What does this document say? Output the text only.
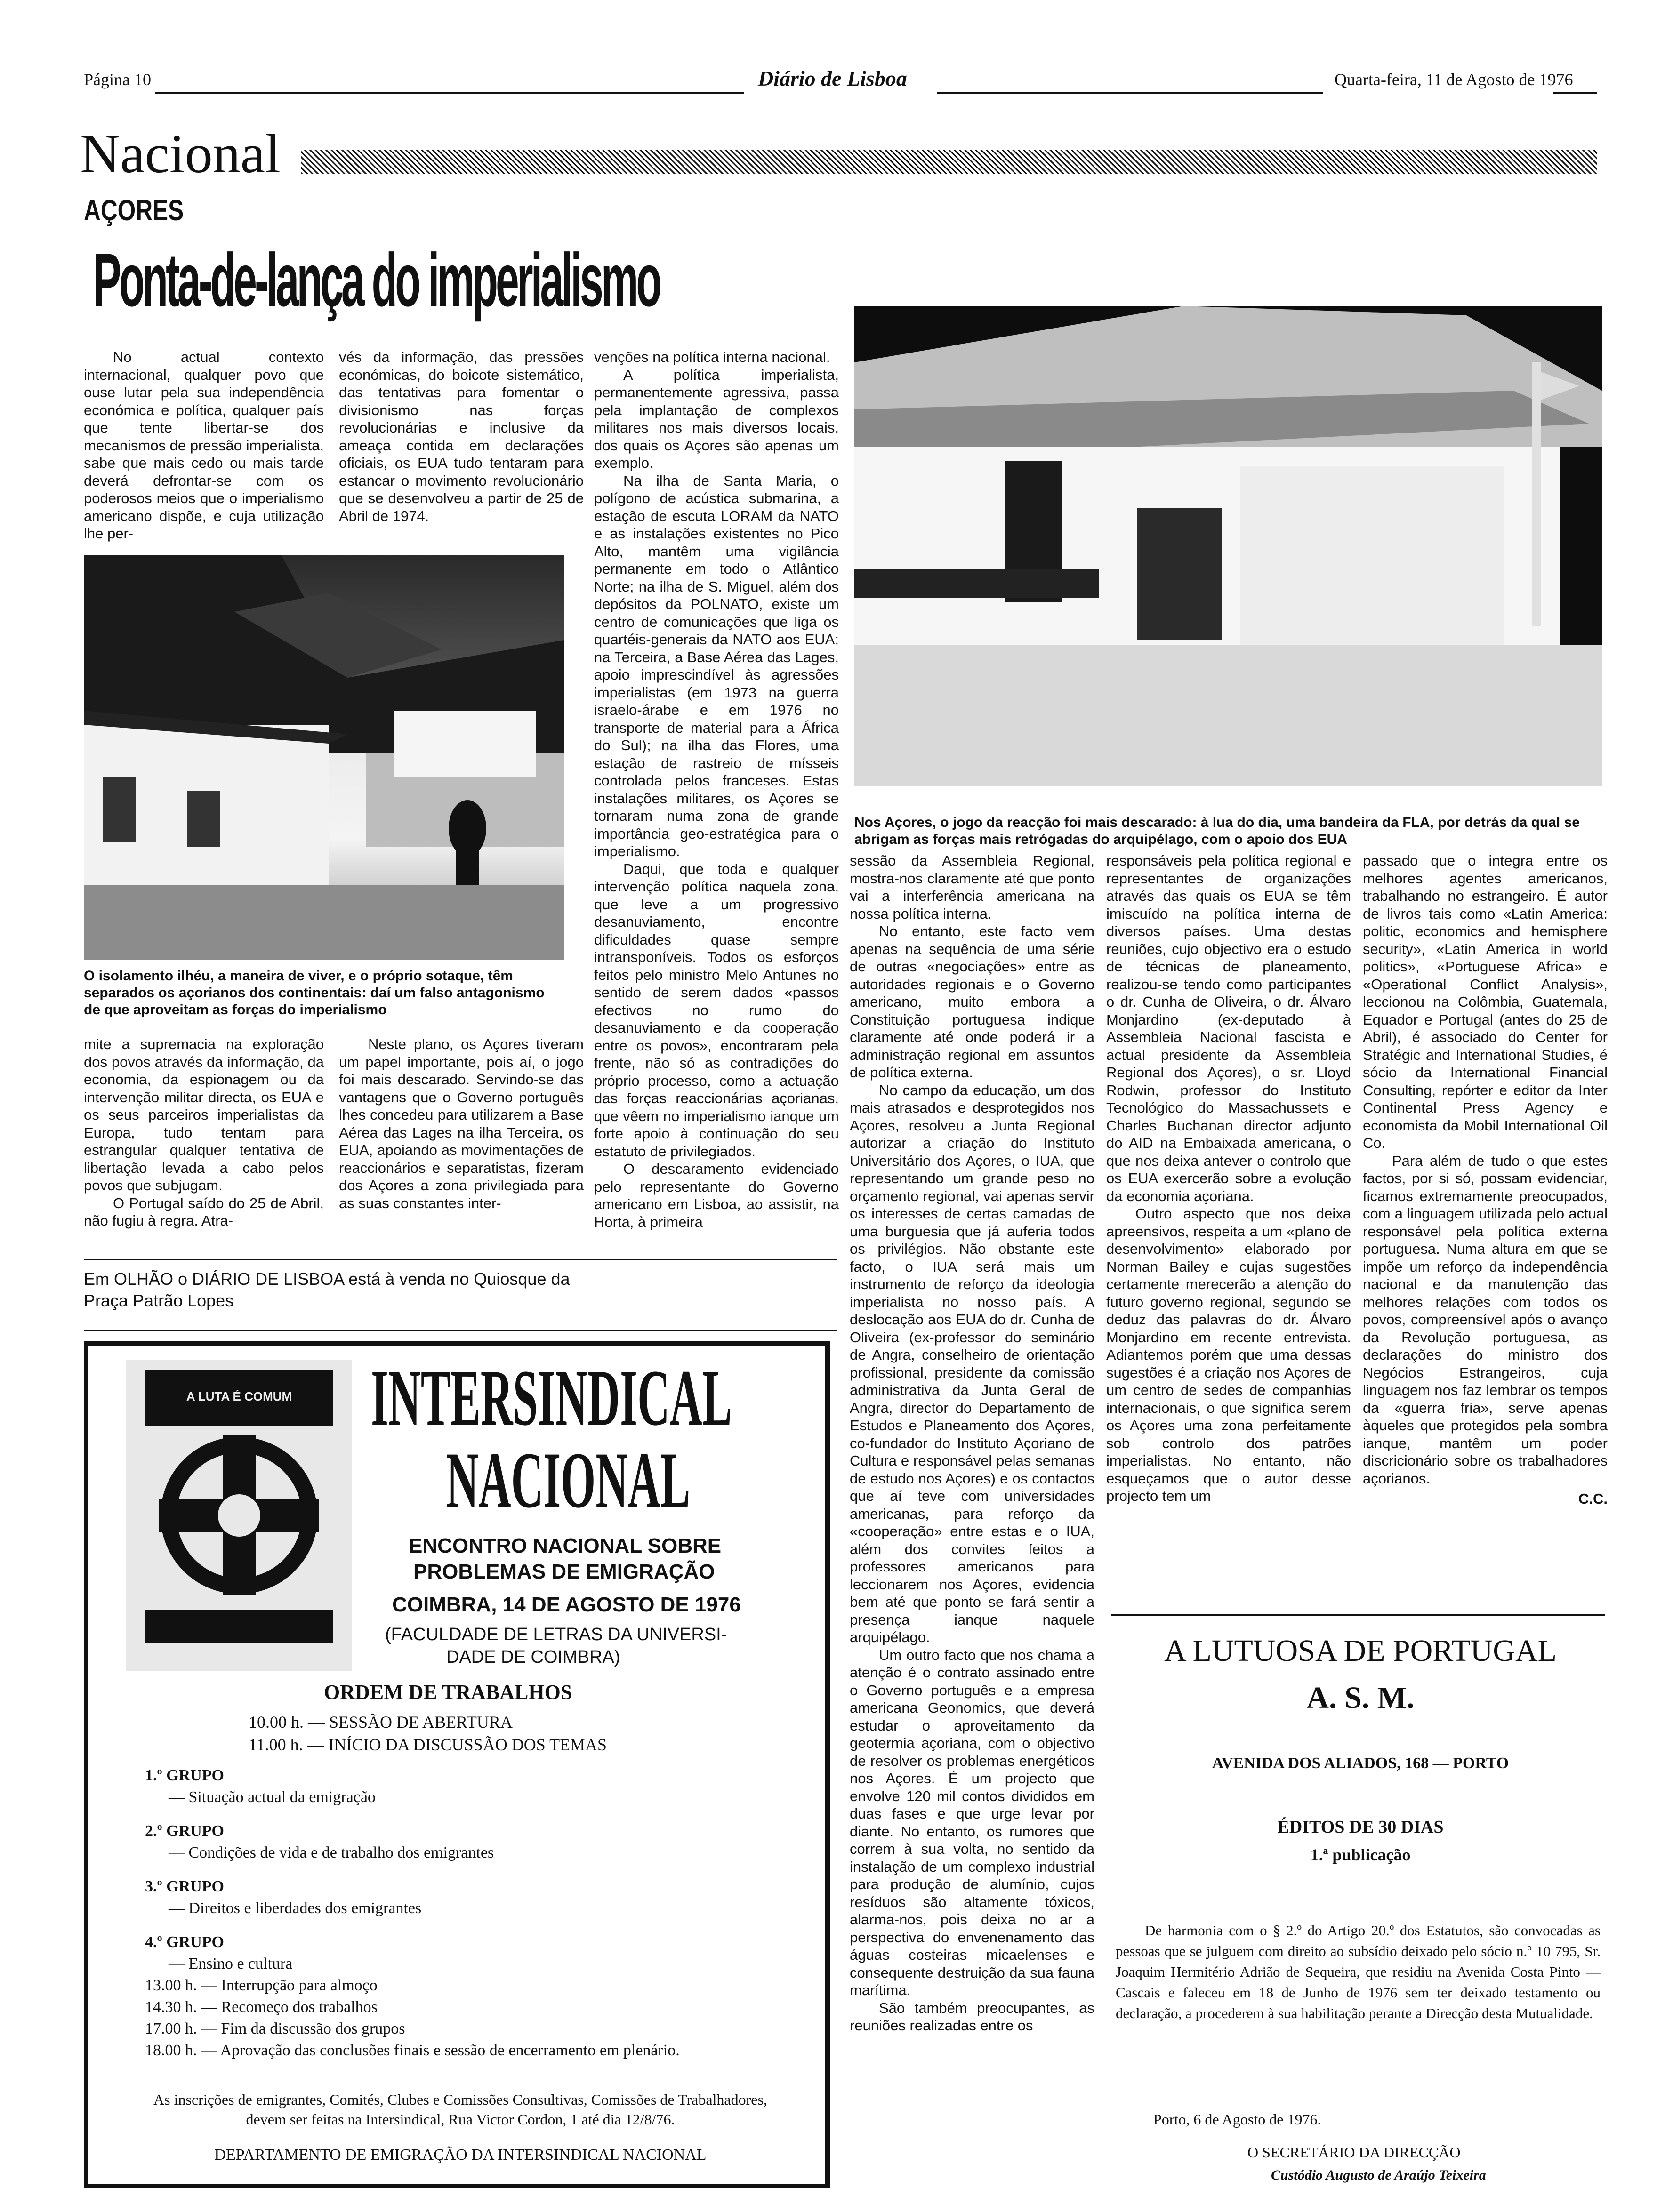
Página 10	Diário de Lisboa	Quarta-feira, 11 de Agosto de 1976
Nacional
AÇORES
Ponta-de-lança do imperialismo

No actual contexto internacional, qualquer povo que ouse lutar pela sua independência económica e política, qualquer país que tente libertar-se dos mecanismos de pressão imperialista, sabe que mais cedo ou mais tarde deverá defrontar-se com os poderosos meios que o imperialismo americano dispõe, e cuja utilização lhe per-

vés da informação, das pressões económicas, do boicote sistemático, das tentativas para fomentar o divisionismo nas forças revolucionárias e inclusive da ameaça contida em declarações oficiais, os EUA tudo tentaram para estancar o movimento revolucionário que se desenvolveu a partir de 25 de Abril de 1974.

O isolamento ilhéu, a maneira de viver, e o próprio sotaque, têm separados os açorianos dos continentais: daí um falso antagonismo de que aproveitam as forças do imperialismo

mite a supremacia na exploração dos povos através da informação, da economia, da espionagem ou da intervenção militar directa, os EUA e os seus parceiros imperialistas da Europa, tudo tentam para estrangular qualquer tentativa de libertação levada a cabo pelos povos que subjugam.

O Portugal saído do 25 de Abril, não fugiu à regra. Atra-

Neste plano, os Açores tiveram um papel importante, pois aí, o jogo foi mais descarado. Servindo-se das vantagens que o Governo português lhes concedeu para utilizarem a Base Aérea das Lages na ilha Terceira, os EUA, apoiando as movimentações de reaccionários e separatistas, fizeram dos Açores a zona privilegiada para as suas constantes inter-

venções na política interna nacional.

A política imperialista, permanentemente agressiva, passa pela implantação de complexos militares nos mais diversos locais, dos quais os Açores são apenas um exemplo.

Na ilha de Santa Maria, o polígono de acústica submarina, a estação de escuta LORAM da NATO e as instalações existentes no Pico Alto, mantêm uma vigilância permanente em todo o Atlântico Norte; na ilha de S. Miguel, além dos depósitos da POLNATO, existe um centro de comunicações que liga os quartéis-generais da NATO aos EUA; na Terceira, a Base Aérea das Lages, apoio imprescindível às agressões imperialistas (em 1973 na guerra israelo-árabe e em 1976 no transporte de material para a África do Sul); na ilha das Flores, uma estação de rastreio de mísseis controlada pelos franceses. Estas instalações militares, os Açores se tornaram numa zona de grande importância geo-estratégica para o imperialismo.

Daqui, que toda e qualquer intervenção política naquela zona, que leve a um progressivo desanuviamento, encontre dificuldades quase sempre intransponíveis. Todos os esforços feitos pelo ministro Melo Antunes no sentido de serem dados «passos efectivos no rumo do desanuviamento e da cooperação entre os povos», encontraram pela frente, não só as contradições do próprio processo, como a actuação das forças reaccionárias açorianas, que vêem no imperialismo ianque um forte apoio à continuação do seu estatuto de privilegiados.

O descaramento evidenciado pelo representante do Governo americano em Lisboa, ao assistir, na Horta, à primeira

Nos Açores, o jogo da reacção foi mais descarado: à lua do dia, uma bandeira da FLA, por detrás da qual se abrigam as forças mais retrógadas do arquipélago, com o apoio dos EUA
Em OLHÃO o DIÁRIO DE LISBOA está à venda no Quiosque da Praça Patrão Lopes

sessão da Assembleia Regional, mostra-nos claramente até que ponto vai a interferência americana na nossa política interna.

No entanto, este facto vem apenas na sequência de uma série de outras «negociações» entre as autoridades regionais e o Governo americano, muito embora a Constituição portuguesa indique claramente até onde poderá ir a administração regional em assuntos de política externa.

No campo da educação, um dos mais atrasados e desprotegidos nos Açores, resolveu a Junta Regional autorizar a criação do Instituto Universitário dos Açores, o IUA, que representando um grande peso no orçamento regional, vai apenas servir os interesses de certas camadas de uma burguesia que já auferia todos os privilégios. Não obstante este facto, o IUA será mais um instrumento de reforço da ideologia imperialista no nosso país. A deslocação aos EUA do dr. Cunha de Oliveira (ex-professor do seminário de Angra, conselheiro de orientação profissional, presidente da comissão administrativa da Junta Geral de Angra, director do Departamento de Estudos e Planeamento dos Açores, co-fundador do Instituto Açoriano de Cultura e responsável pelas semanas de estudo nos Açores) e os contactos que aí teve com universidades americanas, para reforço da «cooperação» entre estas e o IUA, além dos convites feitos a professores americanos para leccionarem nos Açores, evidencia bem até que ponto se fará sentir a presença ianque naquele arquipélago.

Um outro facto que nos chama a atenção é o contrato assinado entre o Governo português e a empresa americana Geonomics, que deverá estudar o aproveitamento da geotermia açoriana, com o objectivo de resolver os problemas energéticos nos Açores. É um projecto que envolve 120 mil contos divididos em duas fases e que urge levar por diante. No entanto, os rumores que correm à sua volta, no sentido da instalação de um complexo industrial para produção de alumínio, cujos resíduos são altamente tóxicos, alarma-nos, pois deixa no ar a perspectiva do envenenamento das águas costeiras micaelenses e consequente destruição da sua fauna marítima.

São também preocupantes, as reuniões realizadas entre os

responsáveis pela política regional e representantes de organizações através das quais os EUA se têm imiscuído na política interna de diversos países. Uma destas reuniões, cujo objectivo era o estudo de técnicas de planeamento, realizou-se tendo como participantes o dr. Cunha de Oliveira, o dr. Álvaro Monjardino (ex-deputado à Assembleia Nacional fascista e actual presidente da Assembleia Regional dos Açores), o sr. Lloyd Rodwin, professor do Instituto Tecnológico do Massachussets e Charles Buchanan director adjunto do AID na Embaixada americana, o que nos deixa antever o controlo que os EUA exercerão sobre a evolução da economia açoriana.

Outro aspecto que nos deixa apreensivos, respeita a um «plano de desenvolvimento» elaborado por Norman Bailey e cujas sugestões certamente merecerão a atenção do futuro governo regional, segundo se deduz das palavras do dr. Álvaro Monjardino em recente entrevista. Adiantemos porém que uma dessas sugestões é a criação nos Açores de um centro de sedes de companhias internacionais, o que significa serem os Açores uma zona perfeitamente sob controlo dos patrões imperialistas. No entanto, não esqueçamos que o autor desse projecto tem um

passado que o integra entre os melhores agentes americanos, trabalhando no estrangeiro. É autor de livros tais como «Latin America: politic, economics and hemisphere security», «Latin America in world politics», «Portuguese Africa» e «Operational Conflict Analysis», leccionou na Colômbia, Guatemala, Equador e Portugal (antes do 25 de Abril), é associado do Center for Stratégic and International Studies, é sócio da International Financial Consulting, repórter e editor da Inter Continental Press Agency e economista da Mobil International Oil Co.

Para além de tudo o que estes factos, por si só, possam evidenciar, ficamos extremamente preocupados, com a linguagem utilizada pelo actual responsável pela política externa portuguesa. Numa altura em que se impõe um reforço da independência nacional e da manutenção das melhores relações com todos os povos, compreensível após o avanço da Revolução portuguesa, as declarações do ministro dos Negócios Estrangeiros, cuja linguagem nos faz lembrar os tempos da «guerra fria», serve apenas àqueles que protegidos pela sombra ianque, mantêm um poder discricionário sobre os trabalhadores açorianos.

C.C.
A LUTA É COMUM INTERSINDICAL
NACIONAL
ENCONTRO NACIONAL SOBRE
PROBLEMAS DE EMIGRAÇÃO
COIMBRA, 14 DE AGOSTO DE 1976
(FACULDADE DE LETRAS DA UNIVERSI-
DADE DE COIMBRA)
ORDEM DE TRABALHOS
10.00 h. — SESSÃO DE ABERTURA
11.00 h. — INÍCIO DA DISCUSSÃO DOS TEMAS
1.º GRUPO
— Situação actual da emigração
2.º GRUPO
— Condições de vida e de trabalho dos emigrantes
3.º GRUPO
— Direitos e liberdades dos emigrantes
4.º GRUPO
— Ensino e cultura
13.00 h. — Interrupção para almoço
14.30 h. — Recomeço dos trabalhos
17.00 h. — Fim da discussão dos grupos
18.00 h. — Aprovação das conclusões finais e sessão de encerramento em plenário.
As inscrições de emigrantes, Comités, Clubes e Comissões Consultivas, Comissões de Trabalhadores, devem ser feitas na Intersindical, Rua Victor Cordon, 1 até dia 12/8/76.
DEPARTAMENTO DE EMIGRAÇÃO DA INTERSINDICAL NACIONAL
A LUTUOSA DE PORTUGAL
A. S. M.
AVENIDA DOS ALIADOS, 168 — PORTO
ÉDITOS DE 30 DIAS
1.ª publicação
De harmonia com o § 2.º do Artigo 20.º dos Estatutos, são convocadas as pessoas que se julguem com direito ao subsídio deixado pelo sócio n.º 10 795, Sr. Joaquim Hermitério Adrião de Sequeira, que residiu na Avenida Costa Pinto — Cascais e faleceu em 18 de Junho de 1976 sem ter deixado testamento ou declaração, a procederem à sua habilitação perante a Direcção desta Mutualidade.
Porto, 6 de Agosto de 1976.
O SECRETÁRIO DA DIRECÇÃO
Custódio Augusto de Araújo Teixeira
